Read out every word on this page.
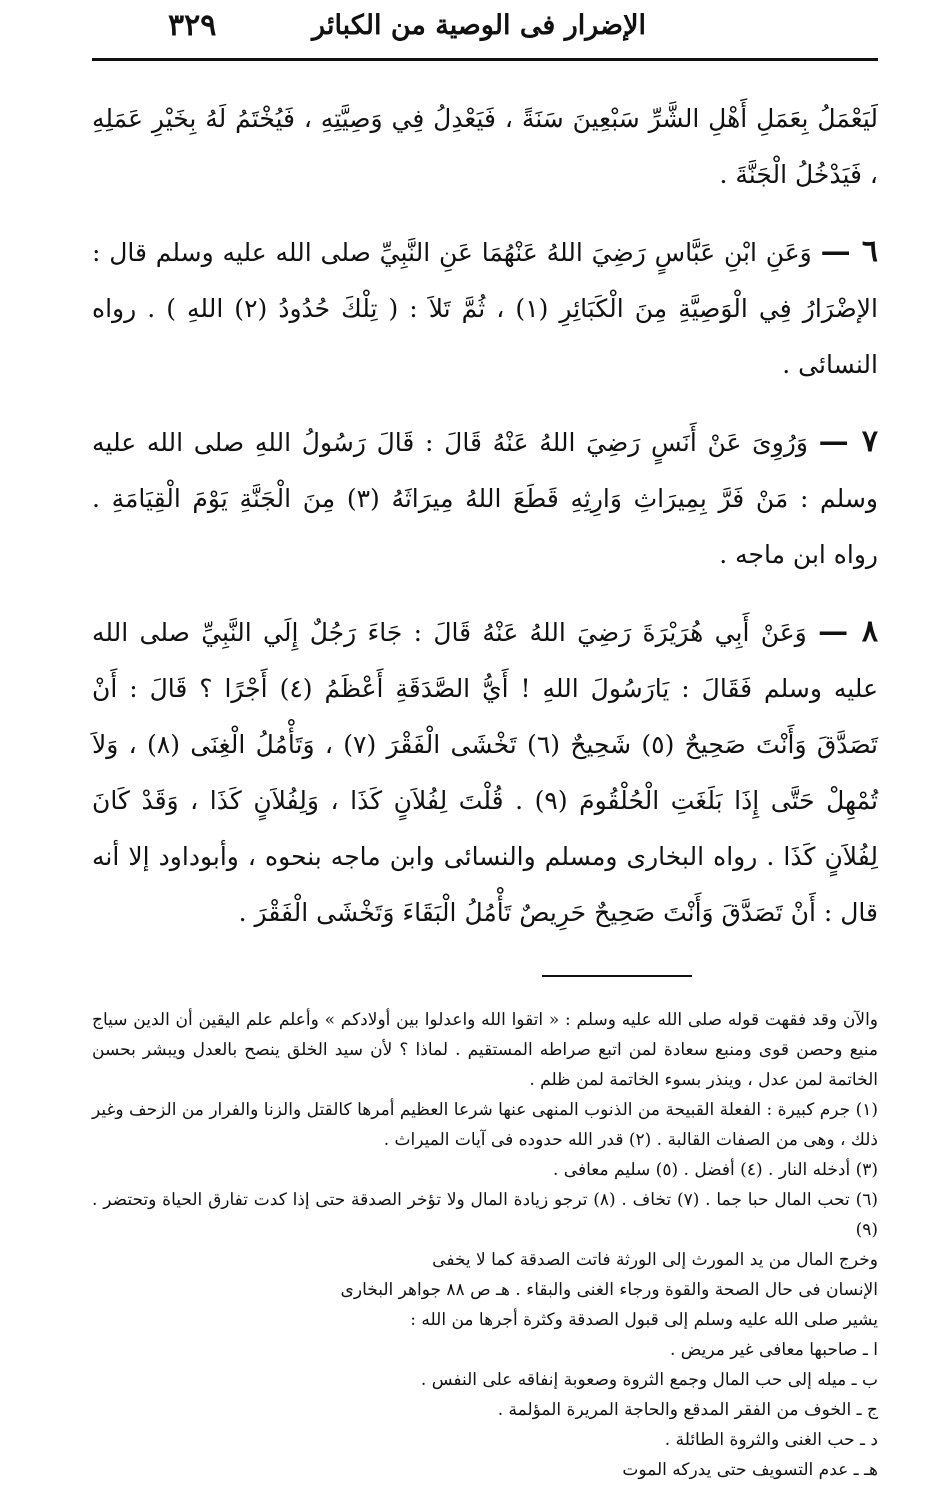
٣٢٩	الإضرار فى الوصية من الكبائر

لَيَعْمَلُ بِعَمَلِ أَهْلِ الشَّرِّ سَبْعِينَ سَنَةً ، فَيَعْدِلُ فِي وَصِيَّتِهِ ، فَيُخْتَمُ لَهُ بِخَيْرِ عَمَلِهِ ، فَيَدْخُلُ الْجَنَّةَ .

٦ — وَعَنِ ابْنِ عَبَّاسٍ رَضِيَ اللهُ عَنْهُمَا عَنِ النَّبِيِّ صلى الله عليه وسلم قال : الإضْرَارُ فِي الْوَصِيَّةِ مِنَ الْكَبَائِرِ (١) ، ثُمَّ تَلاَ : ( تِلْكَ حُدُودُ (٢) اللهِ ) . رواه النسائى .

٧ — وَرُوِىَ عَنْ أَنَسٍ رَضِيَ اللهُ عَنْهُ قَالَ : قَالَ رَسُولُ اللهِ صلى الله عليه وسلم : مَنْ فَرَّ بِمِيرَاثِ وَارِثِهِ قَطَعَ اللهُ مِيرَاثَهُ (٣) مِنَ الْجَنَّةِ يَوْمَ الْقِيَامَةِ . رواه ابن ماجه .

٨ — وَعَنْ أَبِي هُرَيْرَةَ رَضِيَ اللهُ عَنْهُ قَالَ : جَاءَ رَجُلٌ إِلَي النَّبِيِّ صلى الله عليه وسلم فَقَالَ : يَارَسُولَ اللهِ ! أَيُّ الصَّدَقَةِ أَعْظَمُ (٤) أَجْرًا ؟ قَالَ : أَنْ تَصَدَّقَ وَأَنْتَ صَحِيحٌ (٥) شَحِيحٌ (٦) تَخْشَى الْفَقْرَ (٧) ، وَتَأْمُلُ الْغِنَى (٨) ، وَلاَ تُمْهِلْ حَتَّى إِذَا بَلَغَتِ الْحُلْقُومَ (٩) . قُلْتَ لِفُلاَنٍ كَذَا ، وَلِفُلاَنٍ كَذَا ، وَقَدْ كَانَ لِفُلاَنٍ كَذَا . رواه البخارى ومسلم والنسائى وابن ماجه بنحوه ، وأبوداود إلا أنه قال : أَنْ تَصَدَّقَ وَأَنْتَ صَحِيحٌ حَرِيصٌ تَأْمُلُ الْبَقَاءَ وَتَخْشَى الْفَقْرَ .

والآن وقد فقهت قوله صلى الله عليه وسلم : « اتقوا الله واعدلوا بين أولادكم » وأعلم علم اليقين أن الدين سياج منيع وحصن قوى ومنبع سعادة لمن اتبع صراطه المستقيم . لماذا ؟ لأن سيد الخلق ينصح بالعدل ويبشر بحسن الخاتمة لمن عدل ، وينذر بسوء الخاتمة لمن ظلم .

(١) جرم كبيرة : الفعلة القبيحة من الذنوب المنهى عنها شرعا العظيم أمرها كالقتل والزنا والفرار من الزحف وغير ذلك ، وهى من الصفات القالبة . (٢) قدر الله حدوده فى آيات الميراث .

(٣) أدخله النار . (٤) أفضل . (٥) سليم معافى .

(٦) تحب المال حبا جما . (٧) تخاف . (٨) ترجو زيادة المال ولا تؤخر الصدقة حتى إذا كدت تفارق الحياة وتحتضر . (٩)

وخرج المال من يد المورث إلى الورثة فاتت الصدقة كما لا يخفى

الإنسان فى حال الصحة والقوة ورجاء الغنى والبقاء . هـ ص ٨٨ جواهر البخارى

يشير صلى الله عليه وسلم إلى قبول الصدقة وكثرة أجرها من الله :

ا ـ صاحبها معافى غير مريض .
ب ـ ميله إلى حب المال وجمع الثروة وصعوبة إنفاقه على النفس .
ج ـ الخوف من الفقر المدقع والحاجة المريرة المؤلمة .
د ـ حب الغنى والثروة الطائلة .
هـ ـ عدم التسويف حتى يدركه الموت
